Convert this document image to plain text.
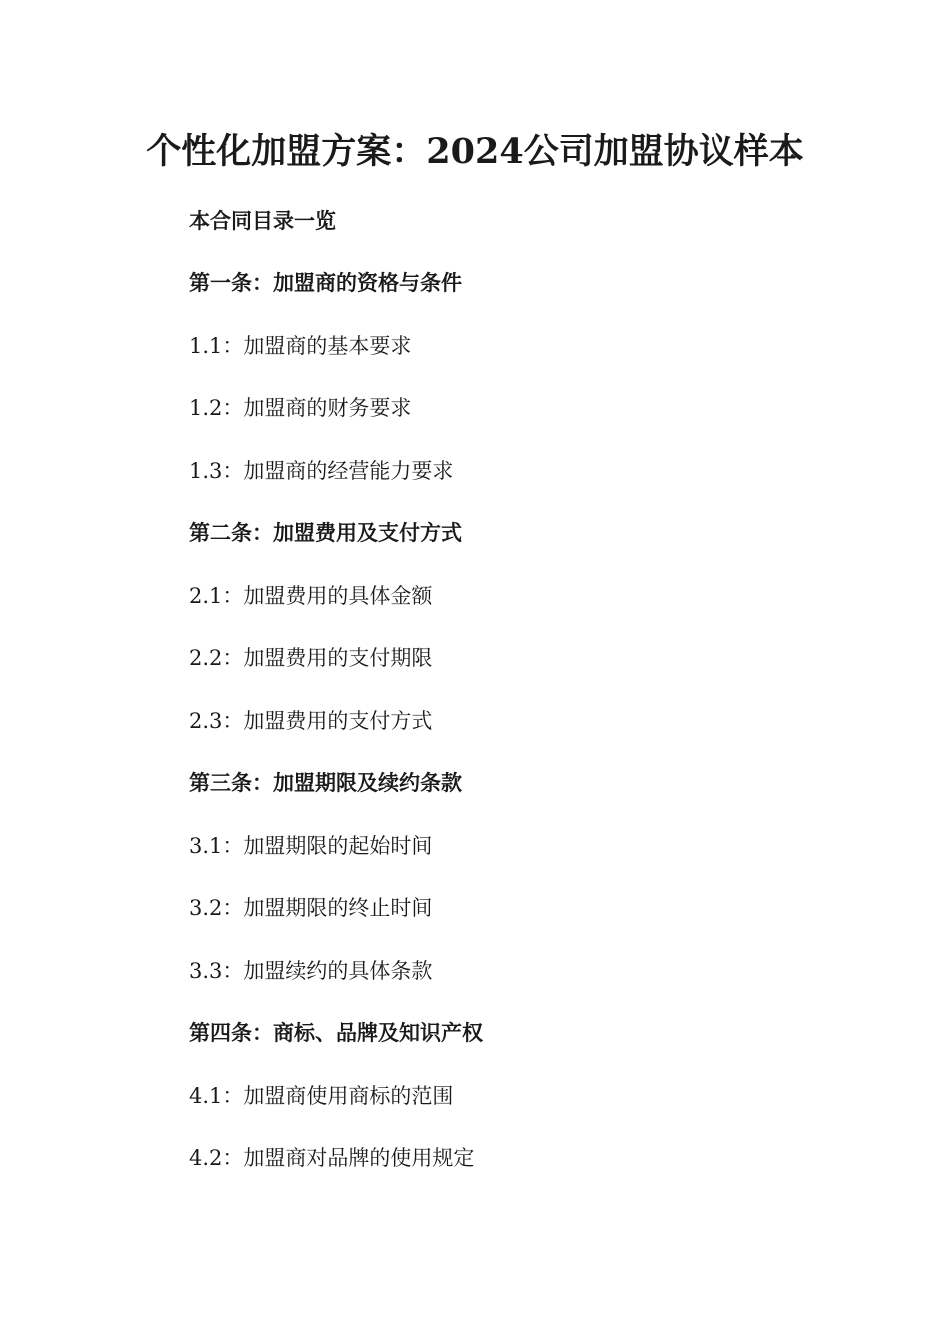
个性化加盟方案：2024公司加盟协议样本

本合同目录一览

第一条：加盟商的资格与条件

1.1：加盟商的基本要求

1.2：加盟商的财务要求

1.3：加盟商的经营能力要求

第二条：加盟费用及支付方式

2.1：加盟费用的具体金额

2.2：加盟费用的支付期限

2.3：加盟费用的支付方式

第三条：加盟期限及续约条款

3.1：加盟期限的起始时间

3.2：加盟期限的终止时间

3.3：加盟续约的具体条款

第四条：商标、品牌及知识产权

4.1：加盟商使用商标的范围

4.2：加盟商对品牌的使用规定
